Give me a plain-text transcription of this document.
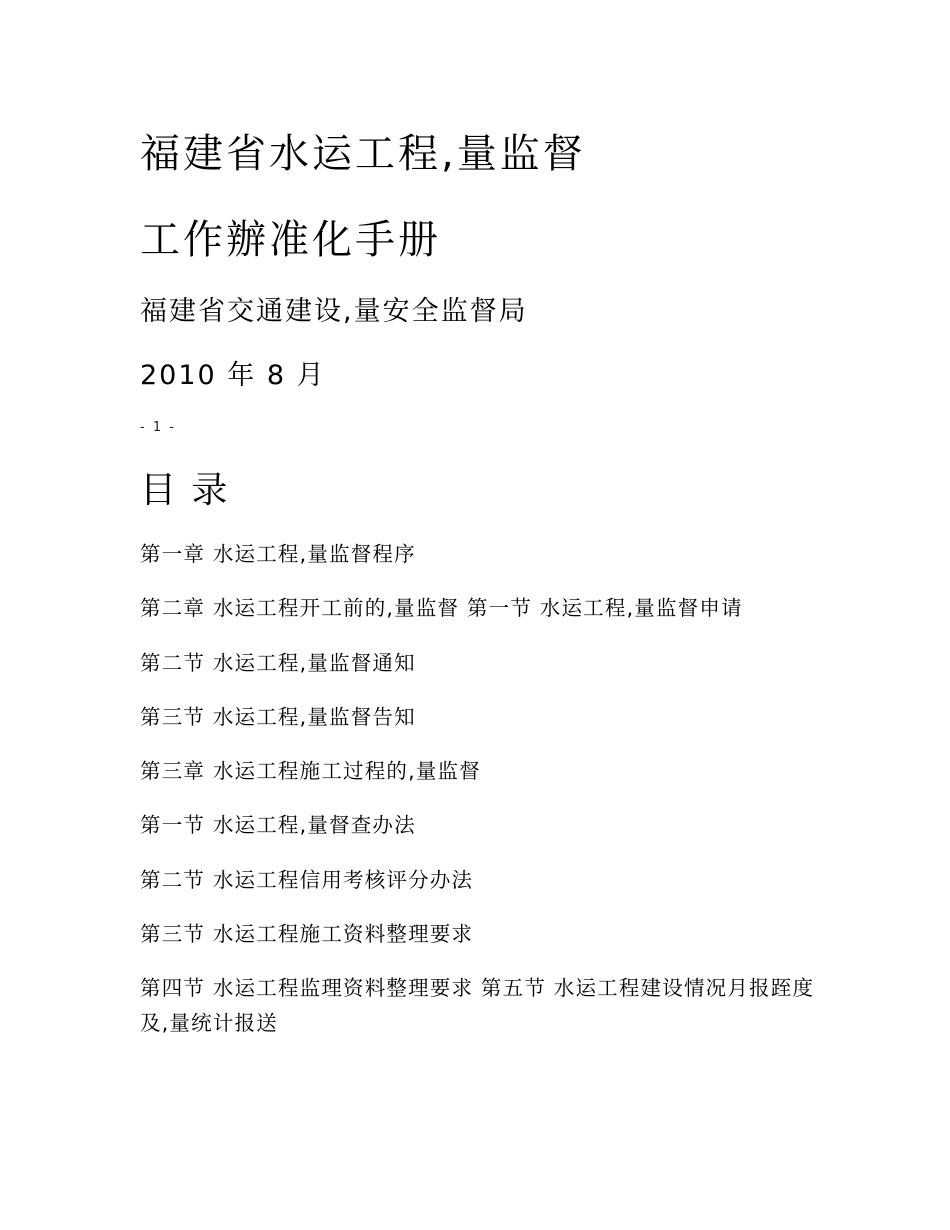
福建省水运工程,量监督
工作辦准化手册

福建省交通建设,量安全监督局

2010 年 8 月

- 1 -

目 录
第一章 水运工程,量监督程序
第二章 水运工程开工前的,量监督 第一节 水运工程,量监督申请
第二节 水运工程,量监督通知
第三节 水运工程,量监督告知
第三章 水运工程施工过程的,量监督
第一节 水运工程,量督查办法
第二节 水运工程信用考核评分办法
第三节 水运工程施工资料整理要求
第四节 水运工程监理资料整理要求 第五节 水运工程建设情况月报跮度及,量统计报送
